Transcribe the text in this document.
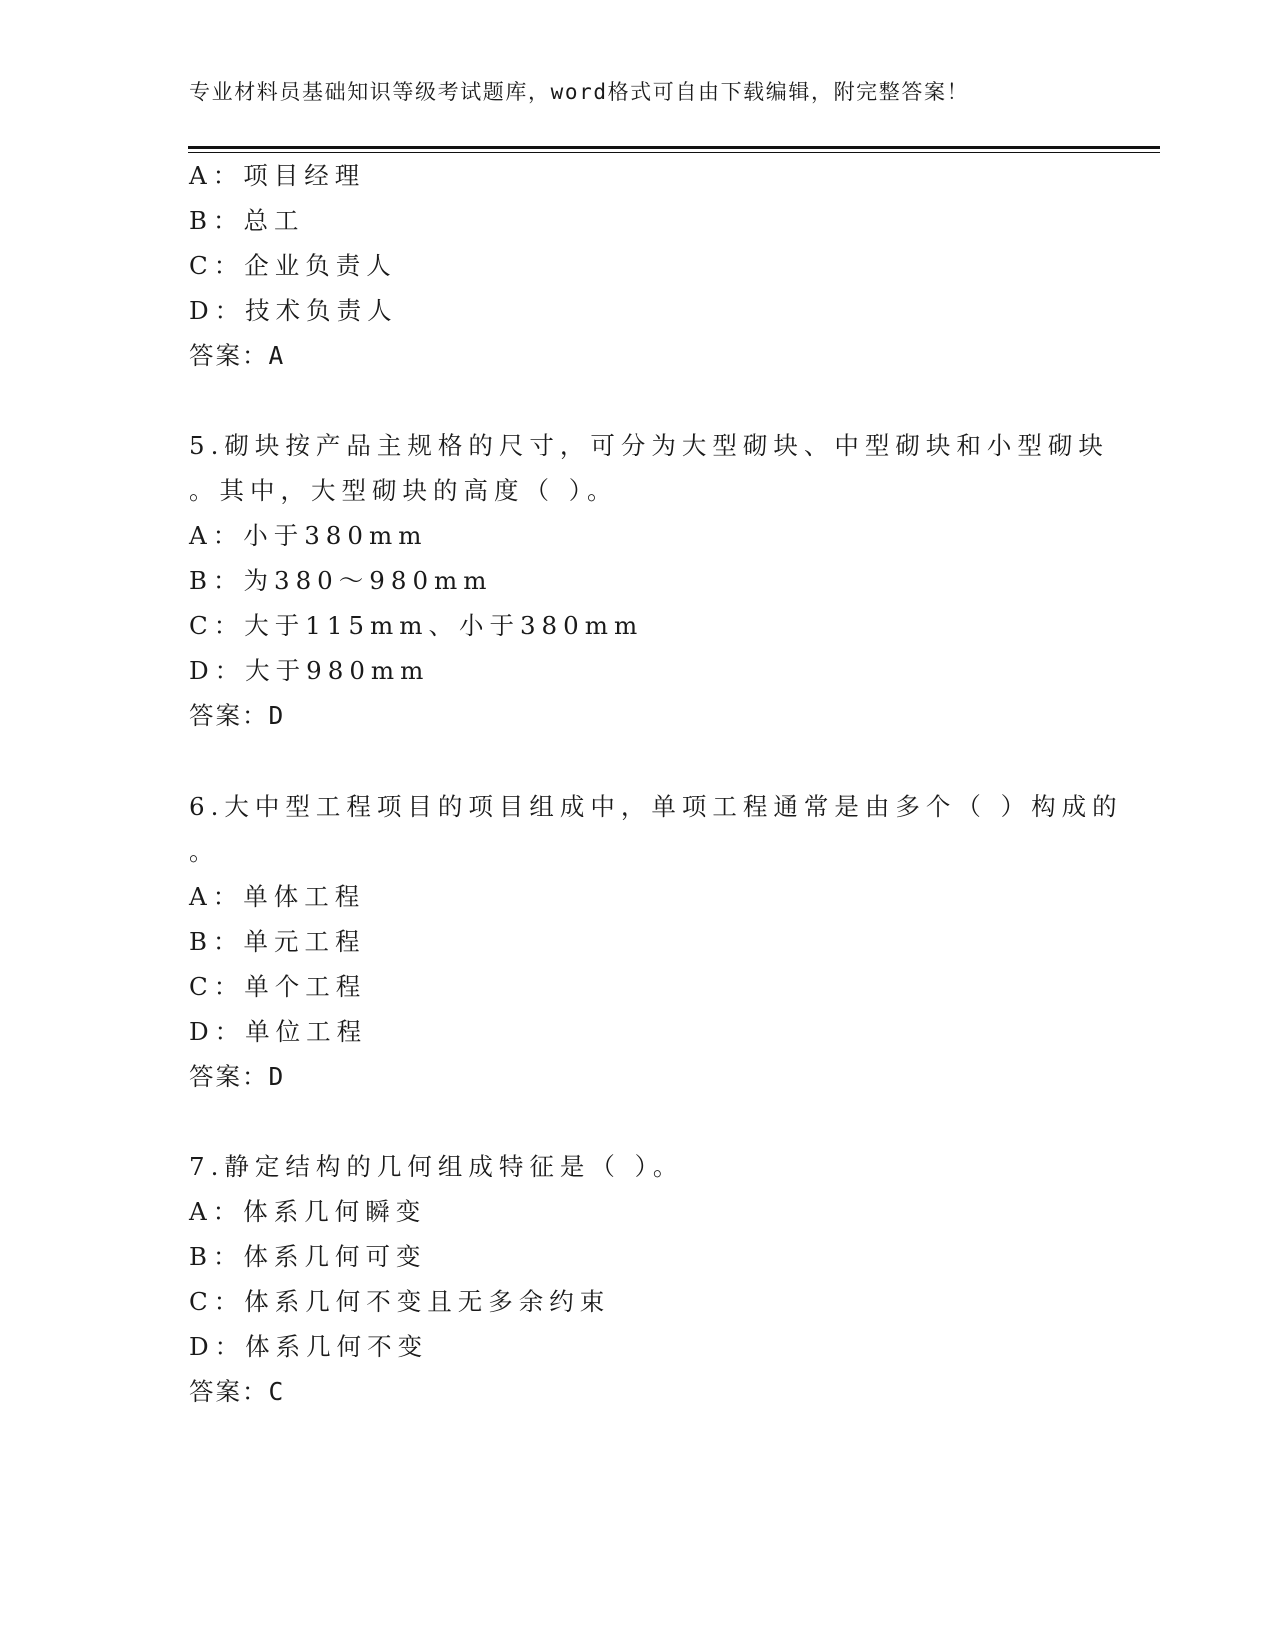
专业材料员基础知识等级考试题库，word格式可自由下载编辑，附完整答案！
A：项目经理
B：总工
C：企业负责人
D：技术负责人
答案：A
5.砌块按产品主规格的尺寸，可分为大型砌块、中型砌块和小型砌块
。其中，大型砌块的高度（ ）。
A：小于380mm
B：为380～980mm
C：大于115mm、小于380mm
D：大于980mm
答案：D
6.大中型工程项目的项目组成中，单项工程通常是由多个（ ）构成的
。
A：单体工程
B：单元工程
C：单个工程
D：单位工程
答案：D
7.静定结构的几何组成特征是（ ）。
A：体系几何瞬变
B：体系几何可变
C：体系几何不变且无多余约束
D：体系几何不变
答案：C
